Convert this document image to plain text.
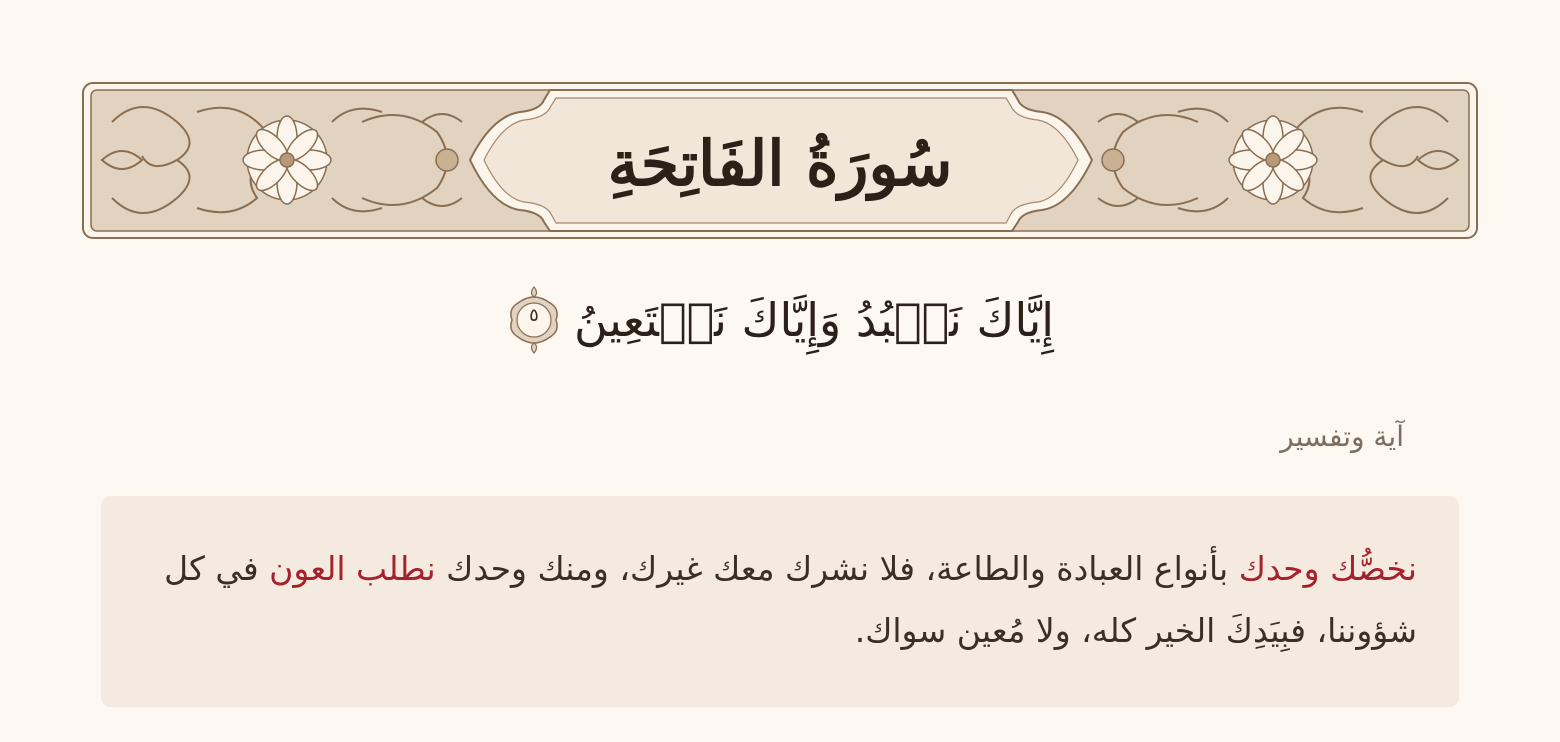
سُورَةُ الفَاتِحَةِ
إِيَّاكَ نَعۡبُدُ وَإِيَّاكَ نَسۡتَعِينُ
٥
آية وتفسير
نخصُّك وحدك بأنواع العبادة والطاعة، فلا نشرك معك غيرك، ومنك وحدك نطلب العون في كل شؤوننا، فبِيَدِكَ الخير كله، ولا مُعين سواك.
